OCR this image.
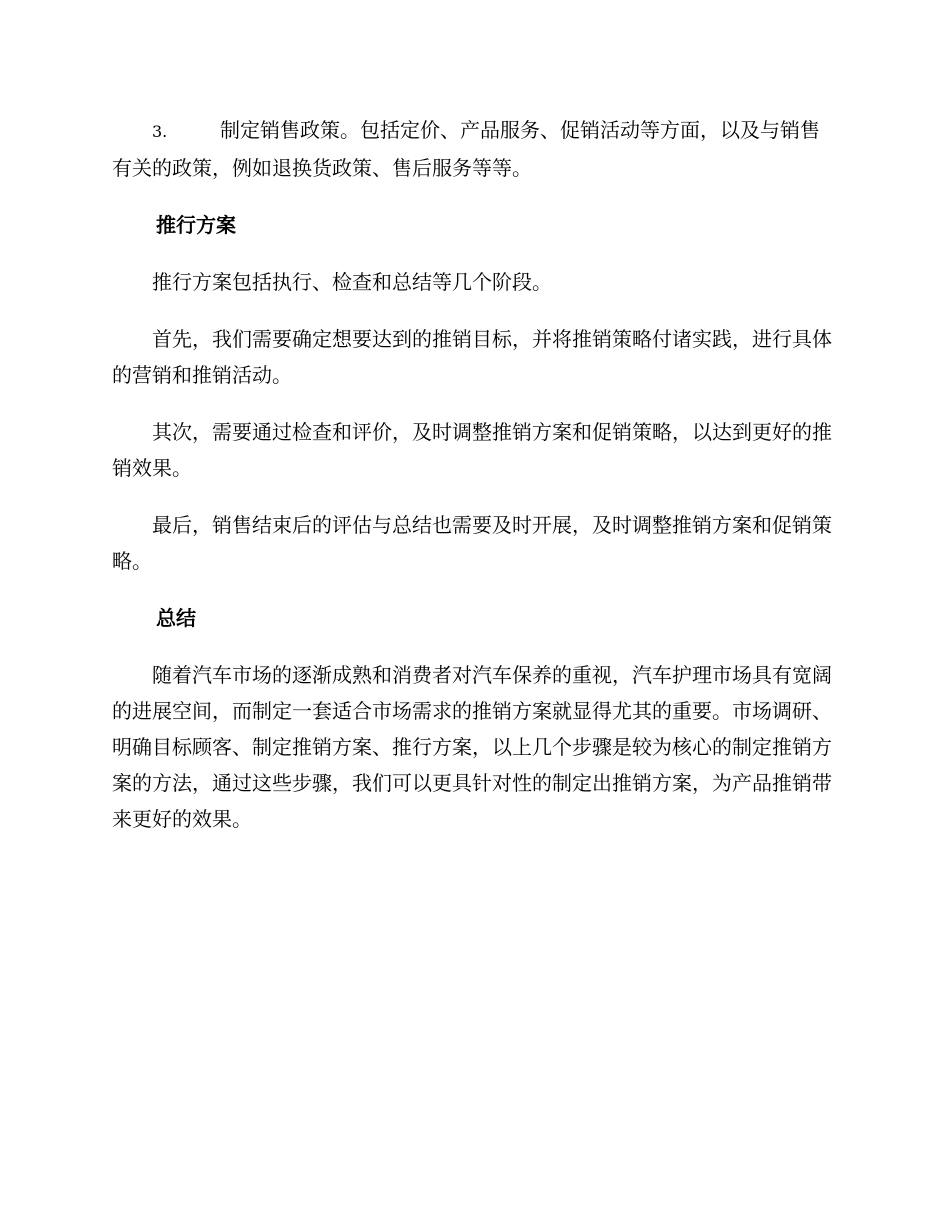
3.	制定销售政策。包括定价、产品服务、促销活动等方面，以及与销售有关的政策，例如退换货政策、售后服务等等。

推行方案

推行方案包括执行、检查和总结等几个阶段。

首先，我们需要确定想要达到的推销目标，并将推销策略付诸实践，进行具体的营销和推销活动。

其次，需要通过检查和评价，及时调整推销方案和促销策略，以达到更好的推销效果。

最后，销售结束后的评估与总结也需要及时开展，及时调整推销方案和促销策略。

总结

随着汽车市场的逐渐成熟和消费者对汽车保养的重视，汽车护理市场具有宽阔的进展空间，而制定一套适合市场需求的推销方案就显得尤其的重要。市场调研、明确目标顾客、制定推销方案、推行方案，以上几个步骤是较为核心的制定推销方案的方法，通过这些步骤，我们可以更具针对性的制定出推销方案，为产品推销带来更好的效果。
